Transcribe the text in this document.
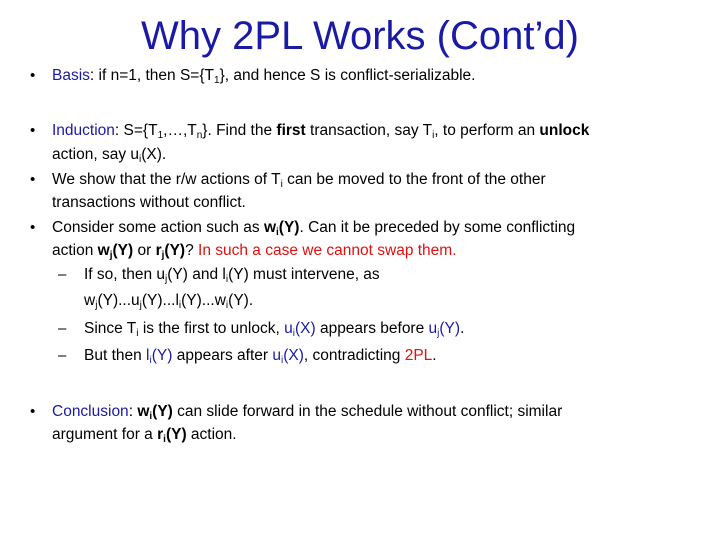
Why 2PL Works (Cont’d)
• Basis: if n=1, then $S=\{T_1\}$, and hence S is conflict-serializable.
• Induction: $S=\{T_1,\dots,T_n\}$. Find the first transaction, say $T_i$, to perform an unlock
action, say $u_i(X)$.
• We show that the r/w actions of $T_i$ can be moved to the front of the other
transactions without conflict.
• Consider some action such as $w_i(Y)$. Can it be preceded by some conflicting
action $w_j(Y)$ or $r_j(Y)$? In such a case we cannot swap them.
– If so, then $u_j(Y)$ and $l_i(Y)$ must intervene, as
$w_j(Y)...u_j(Y)...l_i(Y)...w_i(Y)$.
– Since $T_i$ is the first to unlock, $u_i(X)$ appears before $u_j(Y)$.
– But then $l_i(Y)$ appears after $u_i(X)$, contradicting 2PL.
• Conclusion: $w_i(Y)$ can slide forward in the schedule without conflict; similar
argument for a $r_i(Y)$ action.
